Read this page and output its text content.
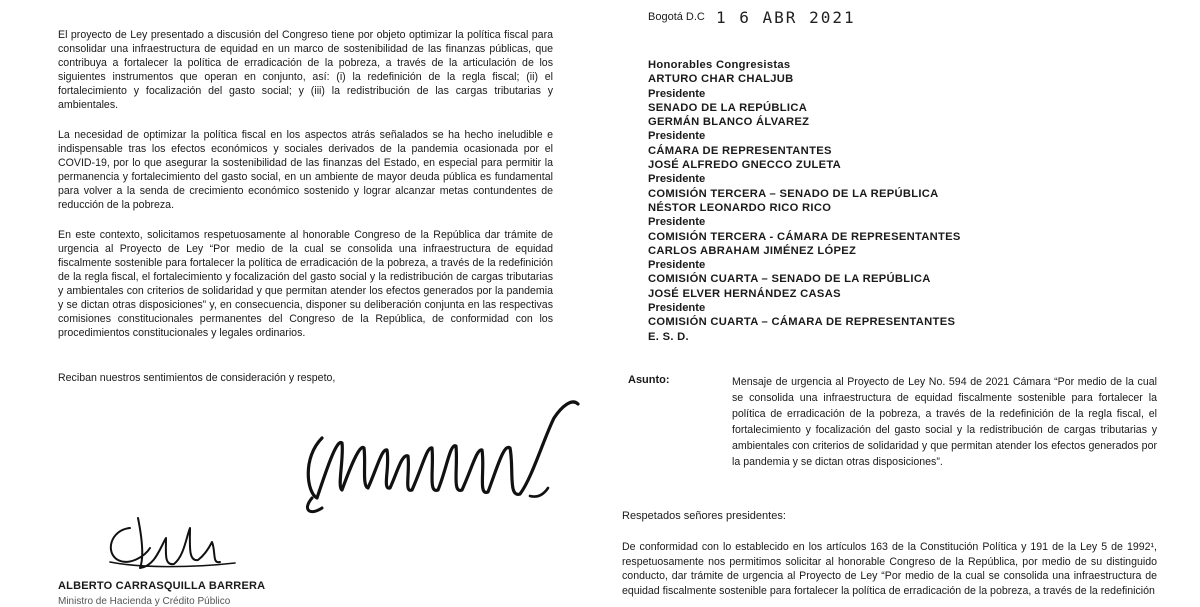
El proyecto de Ley presentado a discusión del Congreso tiene por objeto optimizar la política fiscal para consolidar una infraestructura de equidad en un marco de sostenibilidad de las finanzas públicas, que contribuya a fortalecer la política de erradicación de la pobreza, a través de la articulación de los siguientes instrumentos que operan en conjunto, así: (i) la redefinición de la regla fiscal; (ii) el fortalecimiento y focalización del gasto social; y (iii) la redistribución de las cargas tributarias y ambientales.

La necesidad de optimizar la política fiscal en los aspectos atrás señalados se ha hecho ineludible e indispensable tras los efectos económicos y sociales derivados de la pandemia ocasionada por el COVID-19, por lo que asegurar la sostenibilidad de las finanzas del Estado, en especial para permitir la permanencia y fortalecimiento del gasto social, en un ambiente de mayor deuda pública es fundamental para volver a la senda de crecimiento económico sostenido y lograr alcanzar metas contundentes de reducción de la pobreza.

En este contexto, solicitamos respetuosamente al honorable Congreso de la República dar trámite de urgencia al Proyecto de Ley “Por medio de la cual se consolida una infraestructura de equidad fiscalmente sostenible para fortalecer la política de erradicación de la pobreza, a través de la redefinición de la regla fiscal, el fortalecimiento y focalización del gasto social y la redistribución de cargas tributarias y ambientales con criterios de solidaridad y que permitan atender los efectos generados por la pandemia y se dictan otras disposiciones” y, en consecuencia, disponer su deliberación conjunta en las respectivas comisiones constitucionales permanentes del Congreso de la República, de conformidad con los procedimientos constitucionales y legales ordinarios.

Reciban nuestros sentimientos de consideración y respeto,

ALBERTO CARRASQUILLA BARRERA
Ministro de Hacienda y Crédito Público
Bogotá D.C 1 6 ABR 2021
Honorables Congresistas
ARTURO CHAR CHALJUB
Presidente
SENADO DE LA REPÚBLICA
GERMÁN BLANCO ÁLVAREZ
Presidente
CÁMARA DE REPRESENTANTES
JOSÉ ALFREDO GNECCO ZULETA
Presidente
COMISIÓN TERCERA – SENADO DE LA REPÚBLICA
NÉSTOR LEONARDO RICO RICO
Presidente
COMISIÓN TERCERA - CÁMARA DE REPRESENTANTES
CARLOS ABRAHAM JIMÉNEZ LÓPEZ
Presidente
COMISIÓN CUARTA – SENADO DE LA REPÚBLICA
JOSÉ ELVER HERNÁNDEZ CASAS
Presidente
COMISIÓN CUARTA – CÁMARA DE REPRESENTANTES
E. S. D.
Asunto:	Mensaje de urgencia al Proyecto de Ley No. 594 de 2021 Cámara “Por medio de la cual se consolida una infraestructura de equidad fiscalmente sostenible para fortalecer la política de erradicación de la pobreza, a través de la redefinición de la regla fiscal, el fortalecimiento y focalización del gasto social y la redistribución de cargas tributarias y ambientales con criterios de solidaridad y que permitan atender los efectos generados por la pandemia y se dictan otras disposiciones”.

Respetados señores presidentes:

De conformidad con lo establecido en los artículos 163 de la Constitución Política y 191 de la Ley 5 de 1992¹, respetuosamente nos permitimos solicitar al honorable Congreso de la República, por medio de su distinguido conducto, dar trámite de urgencia al Proyecto de Ley “Por medio de la cual se consolida una infraestructura de equidad fiscalmente sostenible para fortalecer la política de erradicación de la pobreza, a través de la redefinición
